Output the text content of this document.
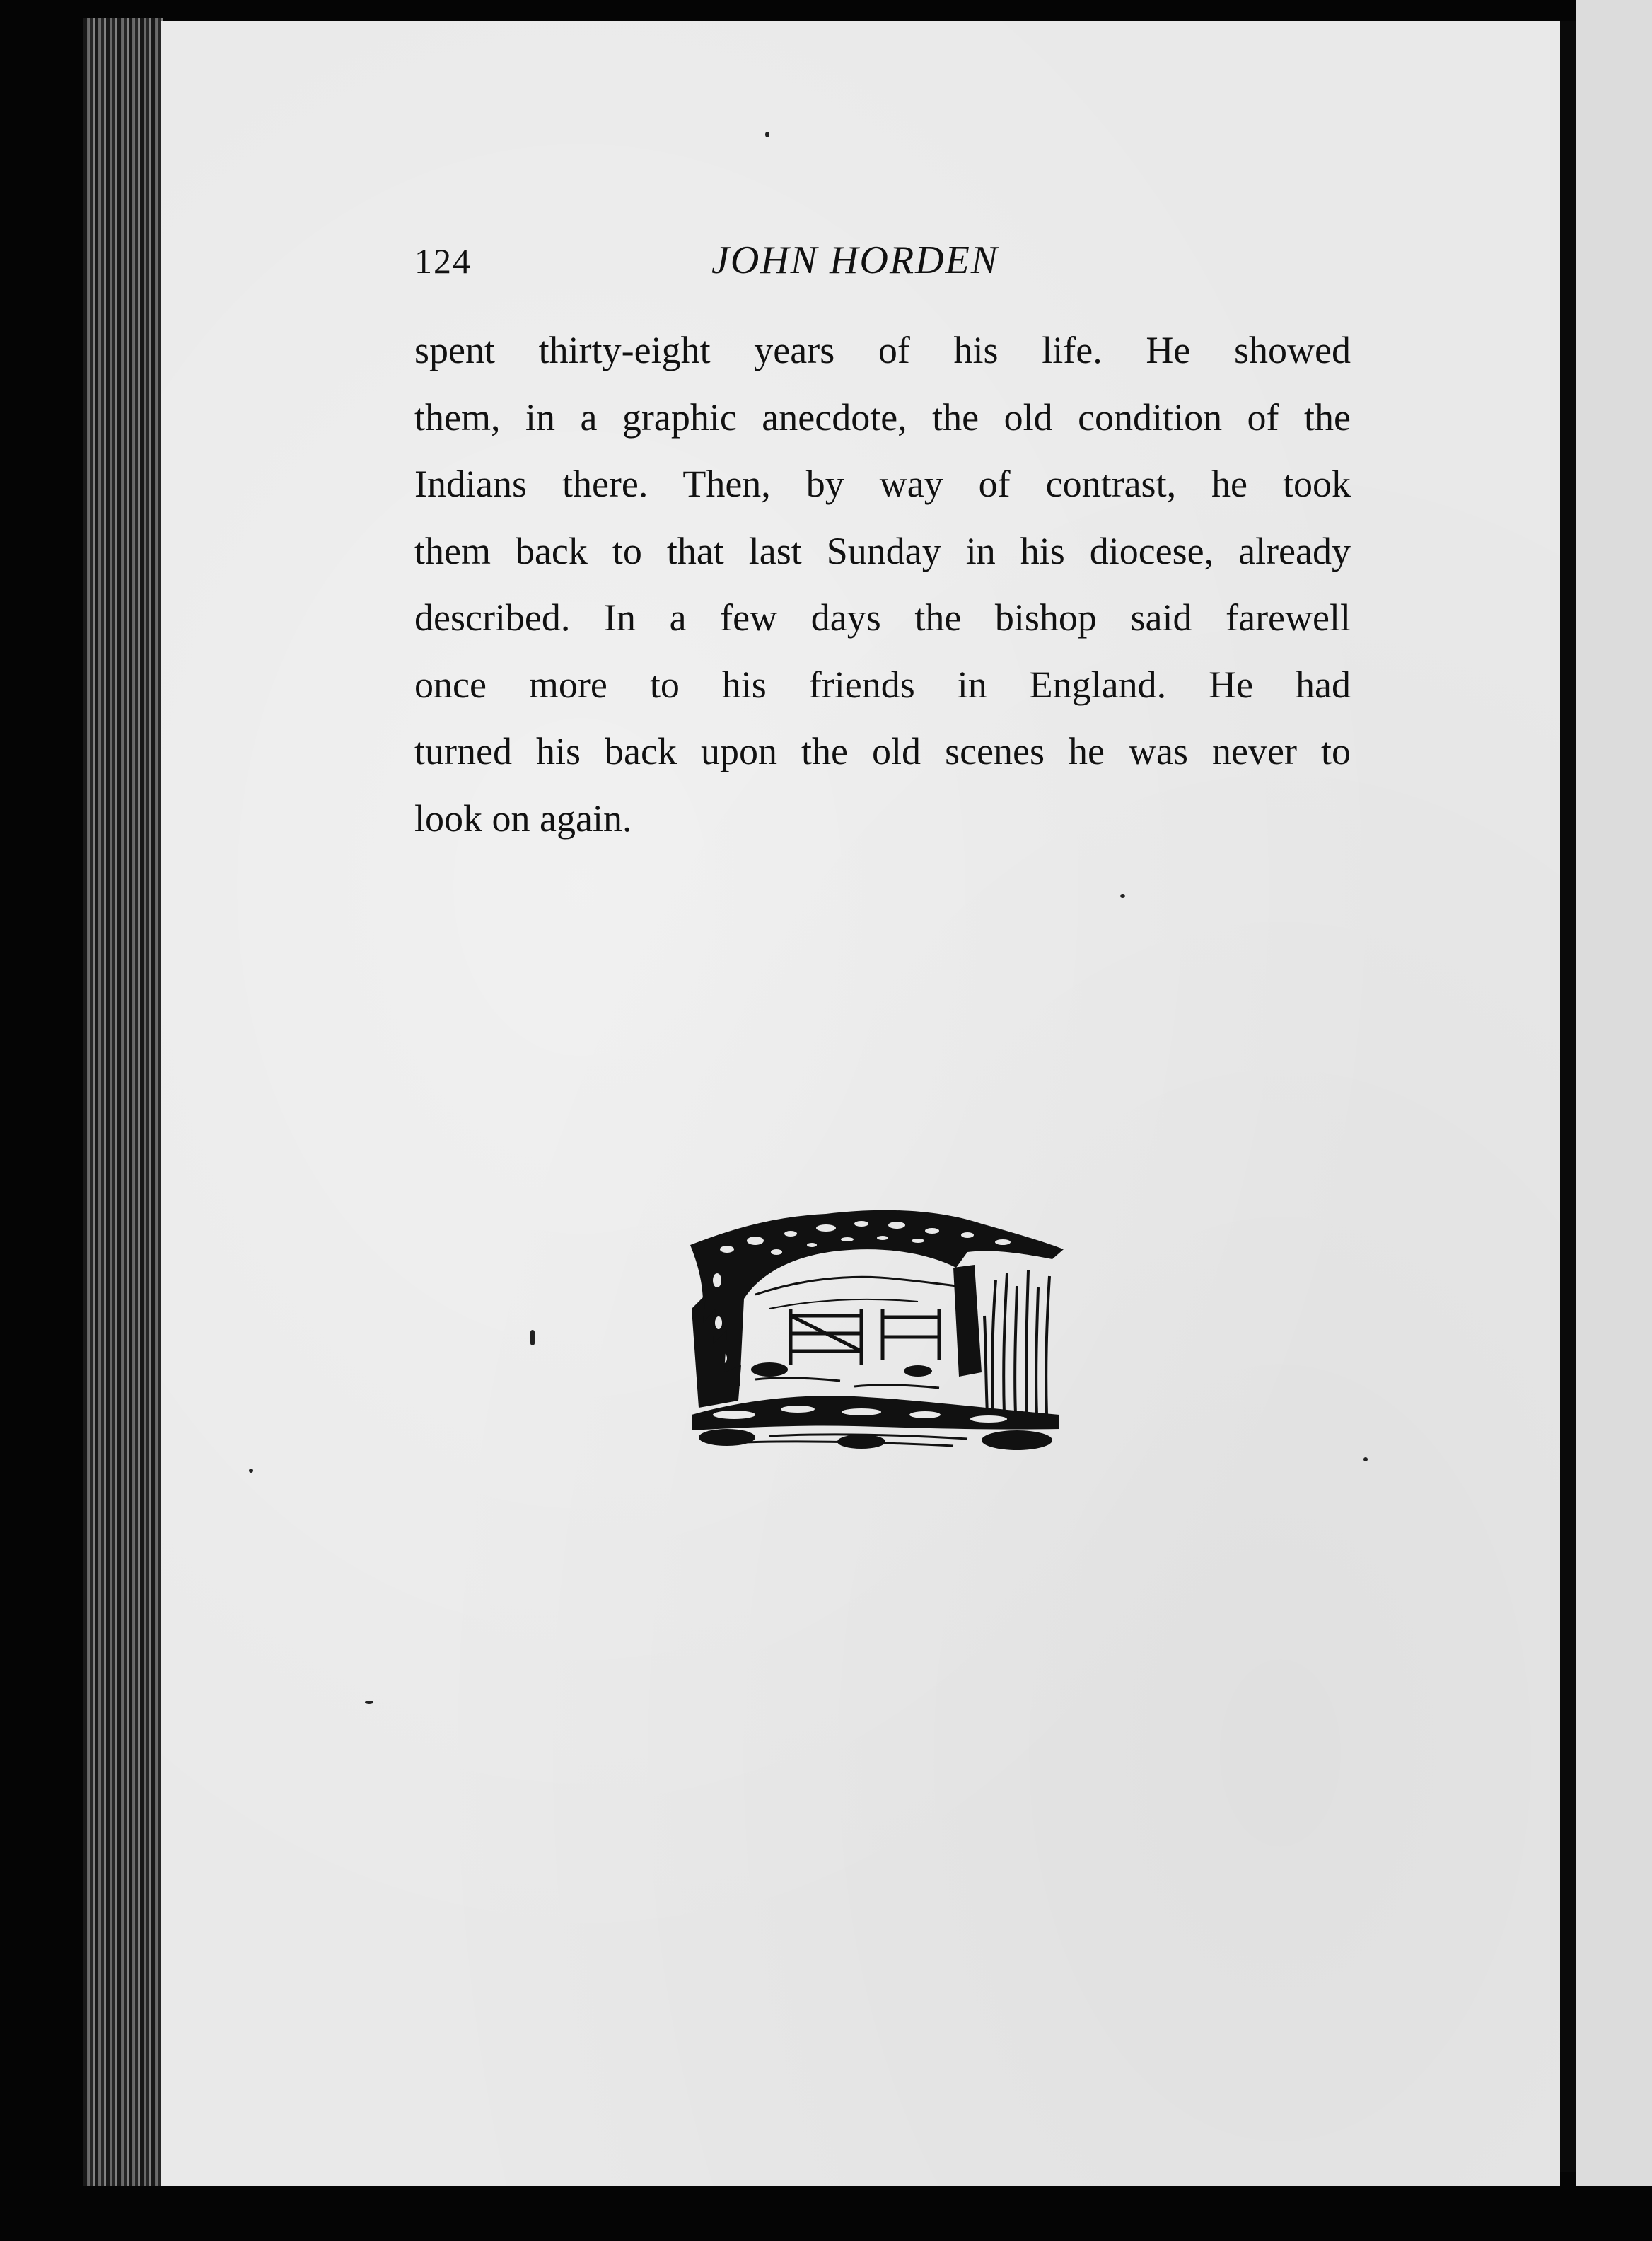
124	JOHN HORDEN
spent thirty-eight years of his life. He showed
them, in a graphic anecdote, the old condition of the
Indians there. Then, by way of contrast, he took
them back to that last Sunday in his diocese, already
described. In a few days the bishop said farewell
once more to his friends in England. He had
turned his back upon the old scenes he was never to
look on again.
